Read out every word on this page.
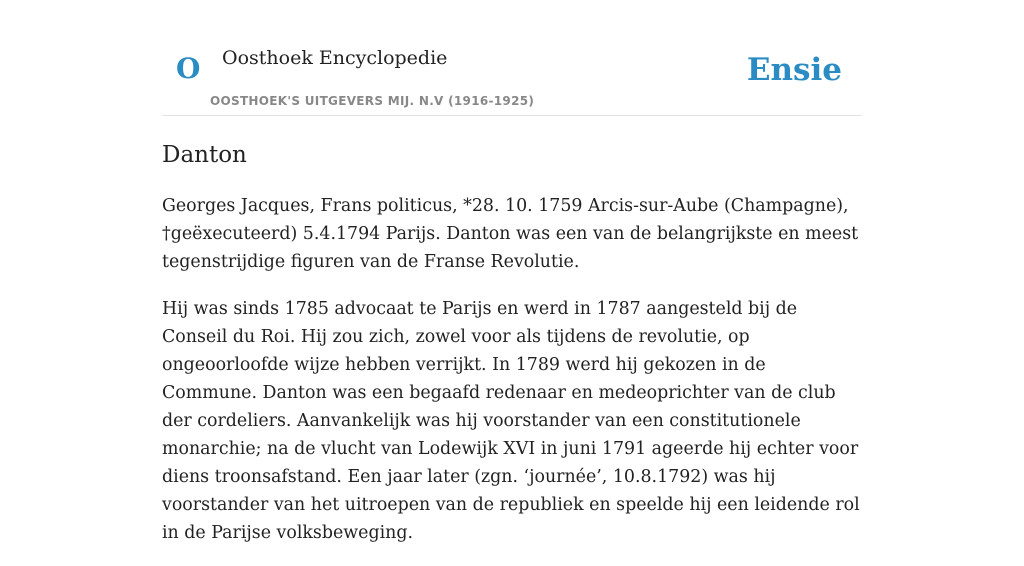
O Oosthoek Encyclopedie
OOSTHOEK'S UITGEVERS MIJ. N.V (1916-1925)
Ensie
Danton

Georges Jacques, Frans politicus, *28. 10. 1759 Arcis-sur-Aube (Champagne), †geëxecuteerd) 5.4.1794 Parijs. Danton was een van de belangrijkste en meest tegenstrijdige figuren van de Franse Revolutie.

Hij was sinds 1785 advocaat te Parijs en werd in 1787 aangesteld bij de Conseil du Roi. Hij zou zich, zowel voor als tijdens de revolutie, op ongeoorloofde wijze hebben verrijkt. In 1789 werd hij gekozen in de Commune. Danton was een begaafd redenaar en medeoprichter van de club der cordeliers. Aanvankelijk was hij voorstander van een constitutionele monarchie; na de vlucht van Lodewijk XVI in juni 1791 ageerde hij echter voor diens troonsafstand. Een jaar later (zgn. ‘journée’, 10.8.1792) was hij voorstander van het uitroepen van de republiek en speelde hij een leidende rol in de Parijse volksbeweging.
